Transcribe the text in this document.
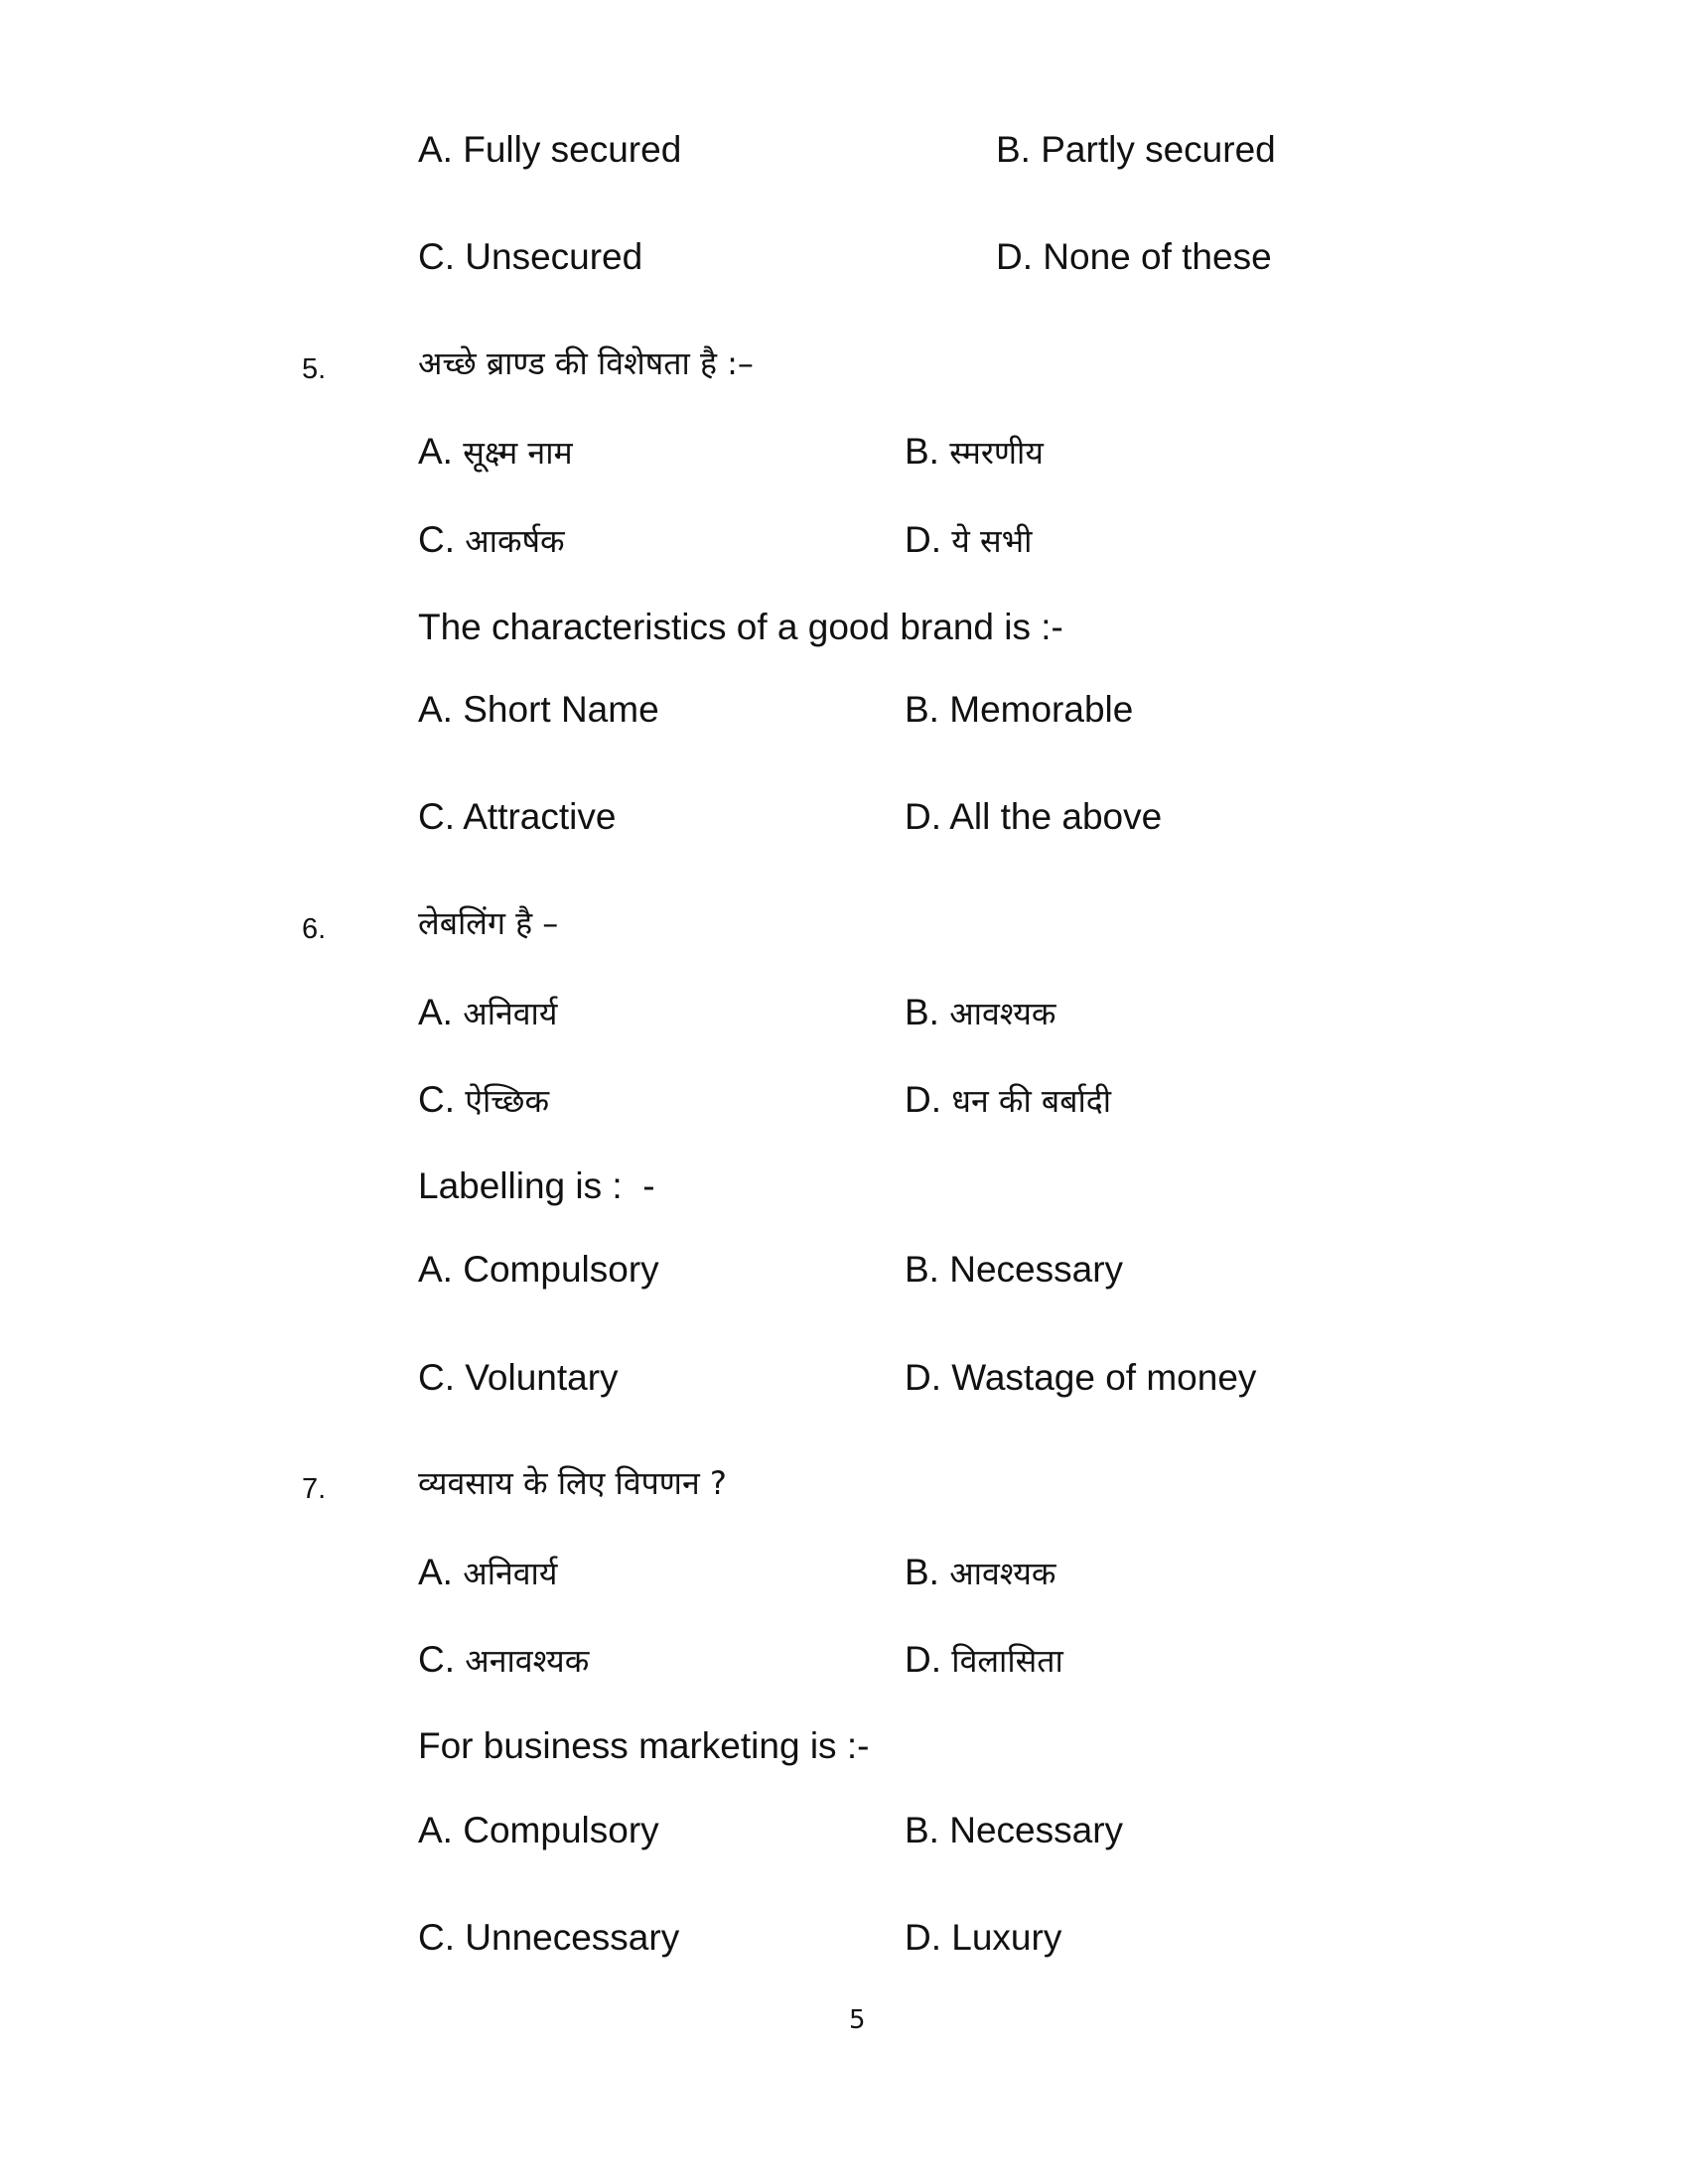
A. Fully secured	B. Partly secured
C. Unsecured	D. None of these
5.	अच्छे ब्राण्ड की विशेषता है :–
A. सूक्ष्म नाम	B. स्मरणीय
C. आकर्षक	D. ये सभी
The characteristics of a good brand is :-
A. Short Name	B. Memorable
C. Attractive	D. All the above
6.	लेबलिंग है –
A. अनिवार्य	B. आवश्यक
C. ऐच्छिक	D. धन की बर्बादी
Labelling is :  -
A. Compulsory	B. Necessary
C. Voluntary	D. Wastage of money
7.	व्यवसाय के लिए विपणन ?
A. अनिवार्य	B. आवश्यक
C. अनावश्यक	D. विलासिता
For business marketing is :-
A. Compulsory	B. Necessary
C. Unnecessary	D. Luxury
5
